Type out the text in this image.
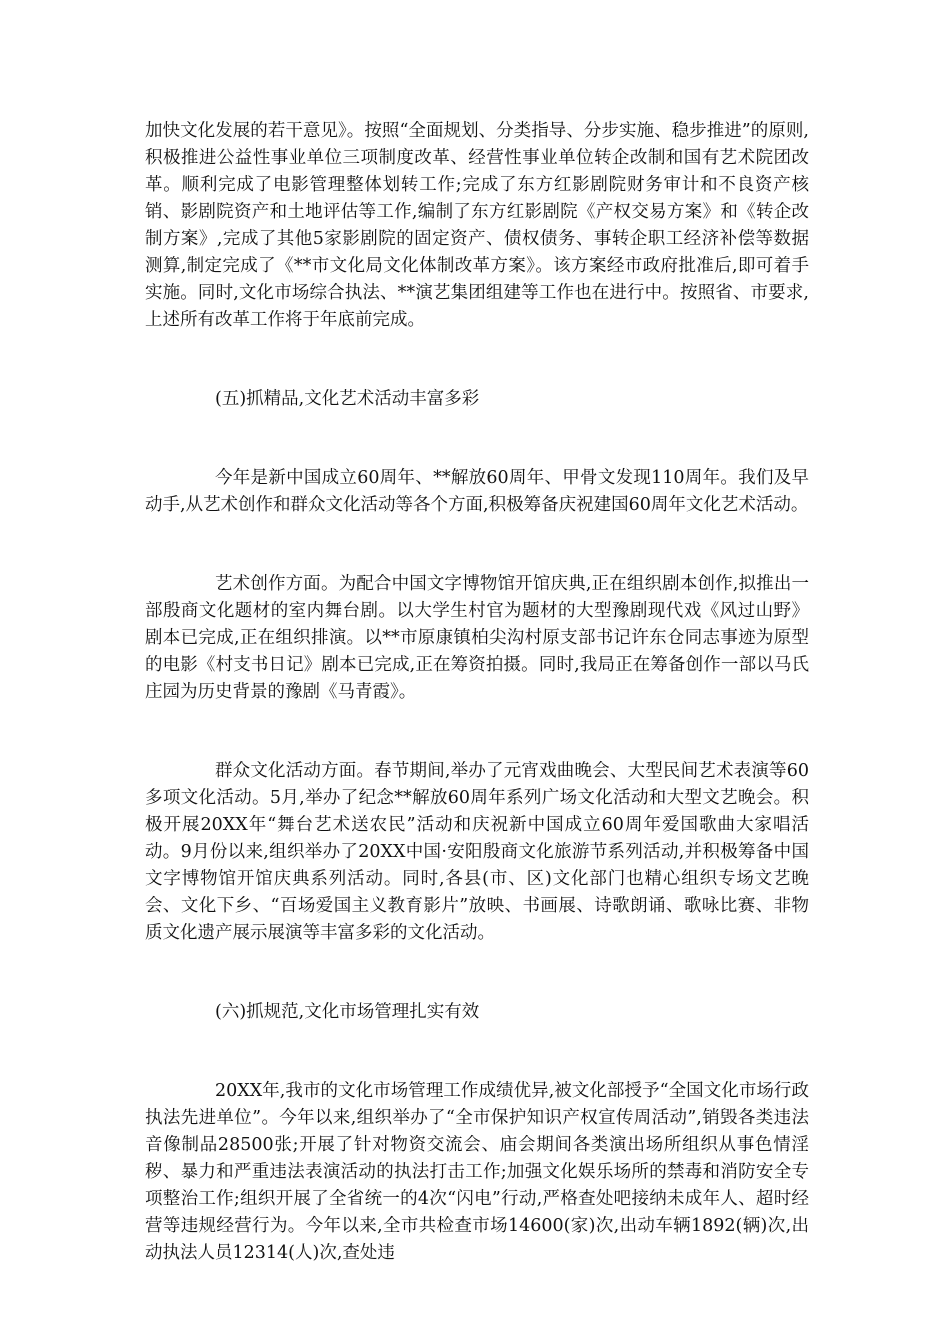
加快文化发展的若干意见》。按照“全面规划、分类指导、分步实施、稳步推进”的原则,积极推进公益性事业单位三项制度改革、经营性事业单位转企改制和国有艺术院团改革。顺利完成了电影管理整体划转工作;完成了东方红影剧院财务审计和不良资产核销、影剧院资产和土地评估等工作,编制了东方红影剧院《产权交易方案》和《转企改制方案》,完成了其他5家影剧院的固定资产、债权债务、事转企职工经济补偿等数据测算,制定完成了《**市文化局文化体制改革方案》。该方案经市政府批准后,即可着手实施。同时,文化市场综合执法、**演艺集团组建等工作也在进行中。按照省、市要求,上述所有改革工作将于年底前完成。

(五)抓精品,文化艺术活动丰富多彩

今年是新中国成立60周年、**解放60周年、甲骨文发现110周年。我们及早动手,从艺术创作和群众文化活动等各个方面,积极筹备庆祝建国60周年文化艺术活动。

艺术创作方面。为配合中国文字博物馆开馆庆典,正在组织剧本创作,拟推出一部殷商文化题材的室内舞台剧。以大学生村官为题材的大型豫剧现代戏《风过山野》剧本已完成,正在组织排演。以**市原康镇柏尖沟村原支部书记许东仓同志事迹为原型的电影《村支书日记》剧本已完成,正在筹资拍摄。同时,我局正在筹备创作一部以马氏庄园为历史背景的豫剧《马青霞》。

群众文化活动方面。春节期间,举办了元宵戏曲晚会、大型民间艺术表演等60多项文化活动。5月,举办了纪念**解放60周年系列广场文化活动和大型文艺晚会。积极开展20XX年“舞台艺术送农民”活动和庆祝新中国成立60周年爱国歌曲大家唱活动。9月份以来,组织举办了20XX中国·安阳殷商文化旅游节系列活动,并积极筹备中国文字博物馆开馆庆典系列活动。同时,各县(市、区)文化部门也精心组织专场文艺晚会、文化下乡、“百场爱国主义教育影片”放映、书画展、诗歌朗诵、歌咏比赛、非物质文化遗产展示展演等丰富多彩的文化活动。

(六)抓规范,文化市场管理扎实有效

20XX年,我市的文化市场管理工作成绩优异,被文化部授予“全国文化市场行政执法先进单位”。今年以来,组织举办了“全市保护知识产权宣传周活动”,销毁各类违法音像制品28500张;开展了针对物资交流会、庙会期间各类演出场所组织从事色情淫秽、暴力和严重违法表演活动的执法打击工作;加强文化娱乐场所的禁毒和消防安全专项整治工作;组织开展了全省统一的4次“闪电”行动,严格查处吧接纳未成年人、超时经营等违规经营行为。今年以来,全市共检查市场14600(家)次,出动车辆1892(辆)次,出动执法人员12314(人)次,查处违
